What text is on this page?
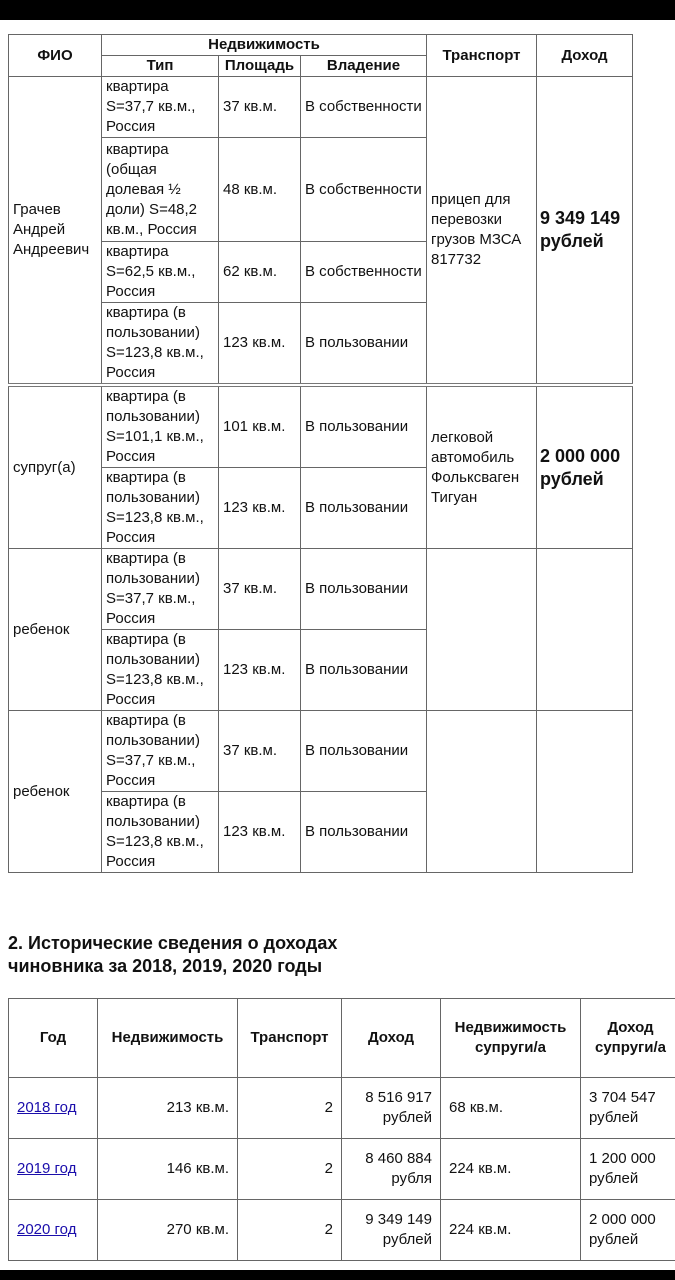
ФИО	Недвижимость			Транспорт	Доход
	Тип	Площадь	Владение		
Грачев Андрей Андреевич	квартира S=37,7 кв.м., Россия	37 кв.м.	В собственности	прицеп для перевозки грузов МЗСА 817732	9 349 149 рублей
	квартира (общая долевая ½ доли) S=48,2 кв.м., Россия	48 кв.м.	В собственности		
	квартира S=62,5 кв.м., Россия	62 кв.м.	В собственности		
	квартира (в пользовании) S=123,8 кв.м., Россия	123 кв.м.	В пользовании		
супруг(а)	квартира (в пользовании) S=101,1 кв.м., Россия	101 кв.м.	В пользовании	легковой автомобиль Фольксваген Тигуан	2 000 000 рублей
	квартира (в пользовании) S=123,8 кв.м., Россия	123 кв.м.	В пользовании		
ребенок	квартира (в пользовании) S=37,7 кв.м., Россия	37 кв.м.	В пользовании		
	квартира (в пользовании) S=123,8 кв.м., Россия	123 кв.м.	В пользовании		
ребенок	квартира (в пользовании) S=37,7 кв.м., Россия	37 кв.м.	В пользовании		
	квартира (в пользовании) S=123,8 кв.м., Россия	123 кв.м.	В пользовании		
2. Исторические сведения о доходах чиновника за 2018, 2019, 2020 годы
Год	Недвижимость	Транспорт	Доход	Недвижимость супруги/а	Доход супруги/а
2018 год	213 кв.м.	2	8 516 917 рублей	68 кв.м.	3 704 547 рублей
2019 год	146 кв.м.	2	8 460 884 рубля	224 кв.м.	1 200 000 рублей
2020 год	270 кв.м.	2	9 349 149 рублей	224 кв.м.	2 000 000 рублей
